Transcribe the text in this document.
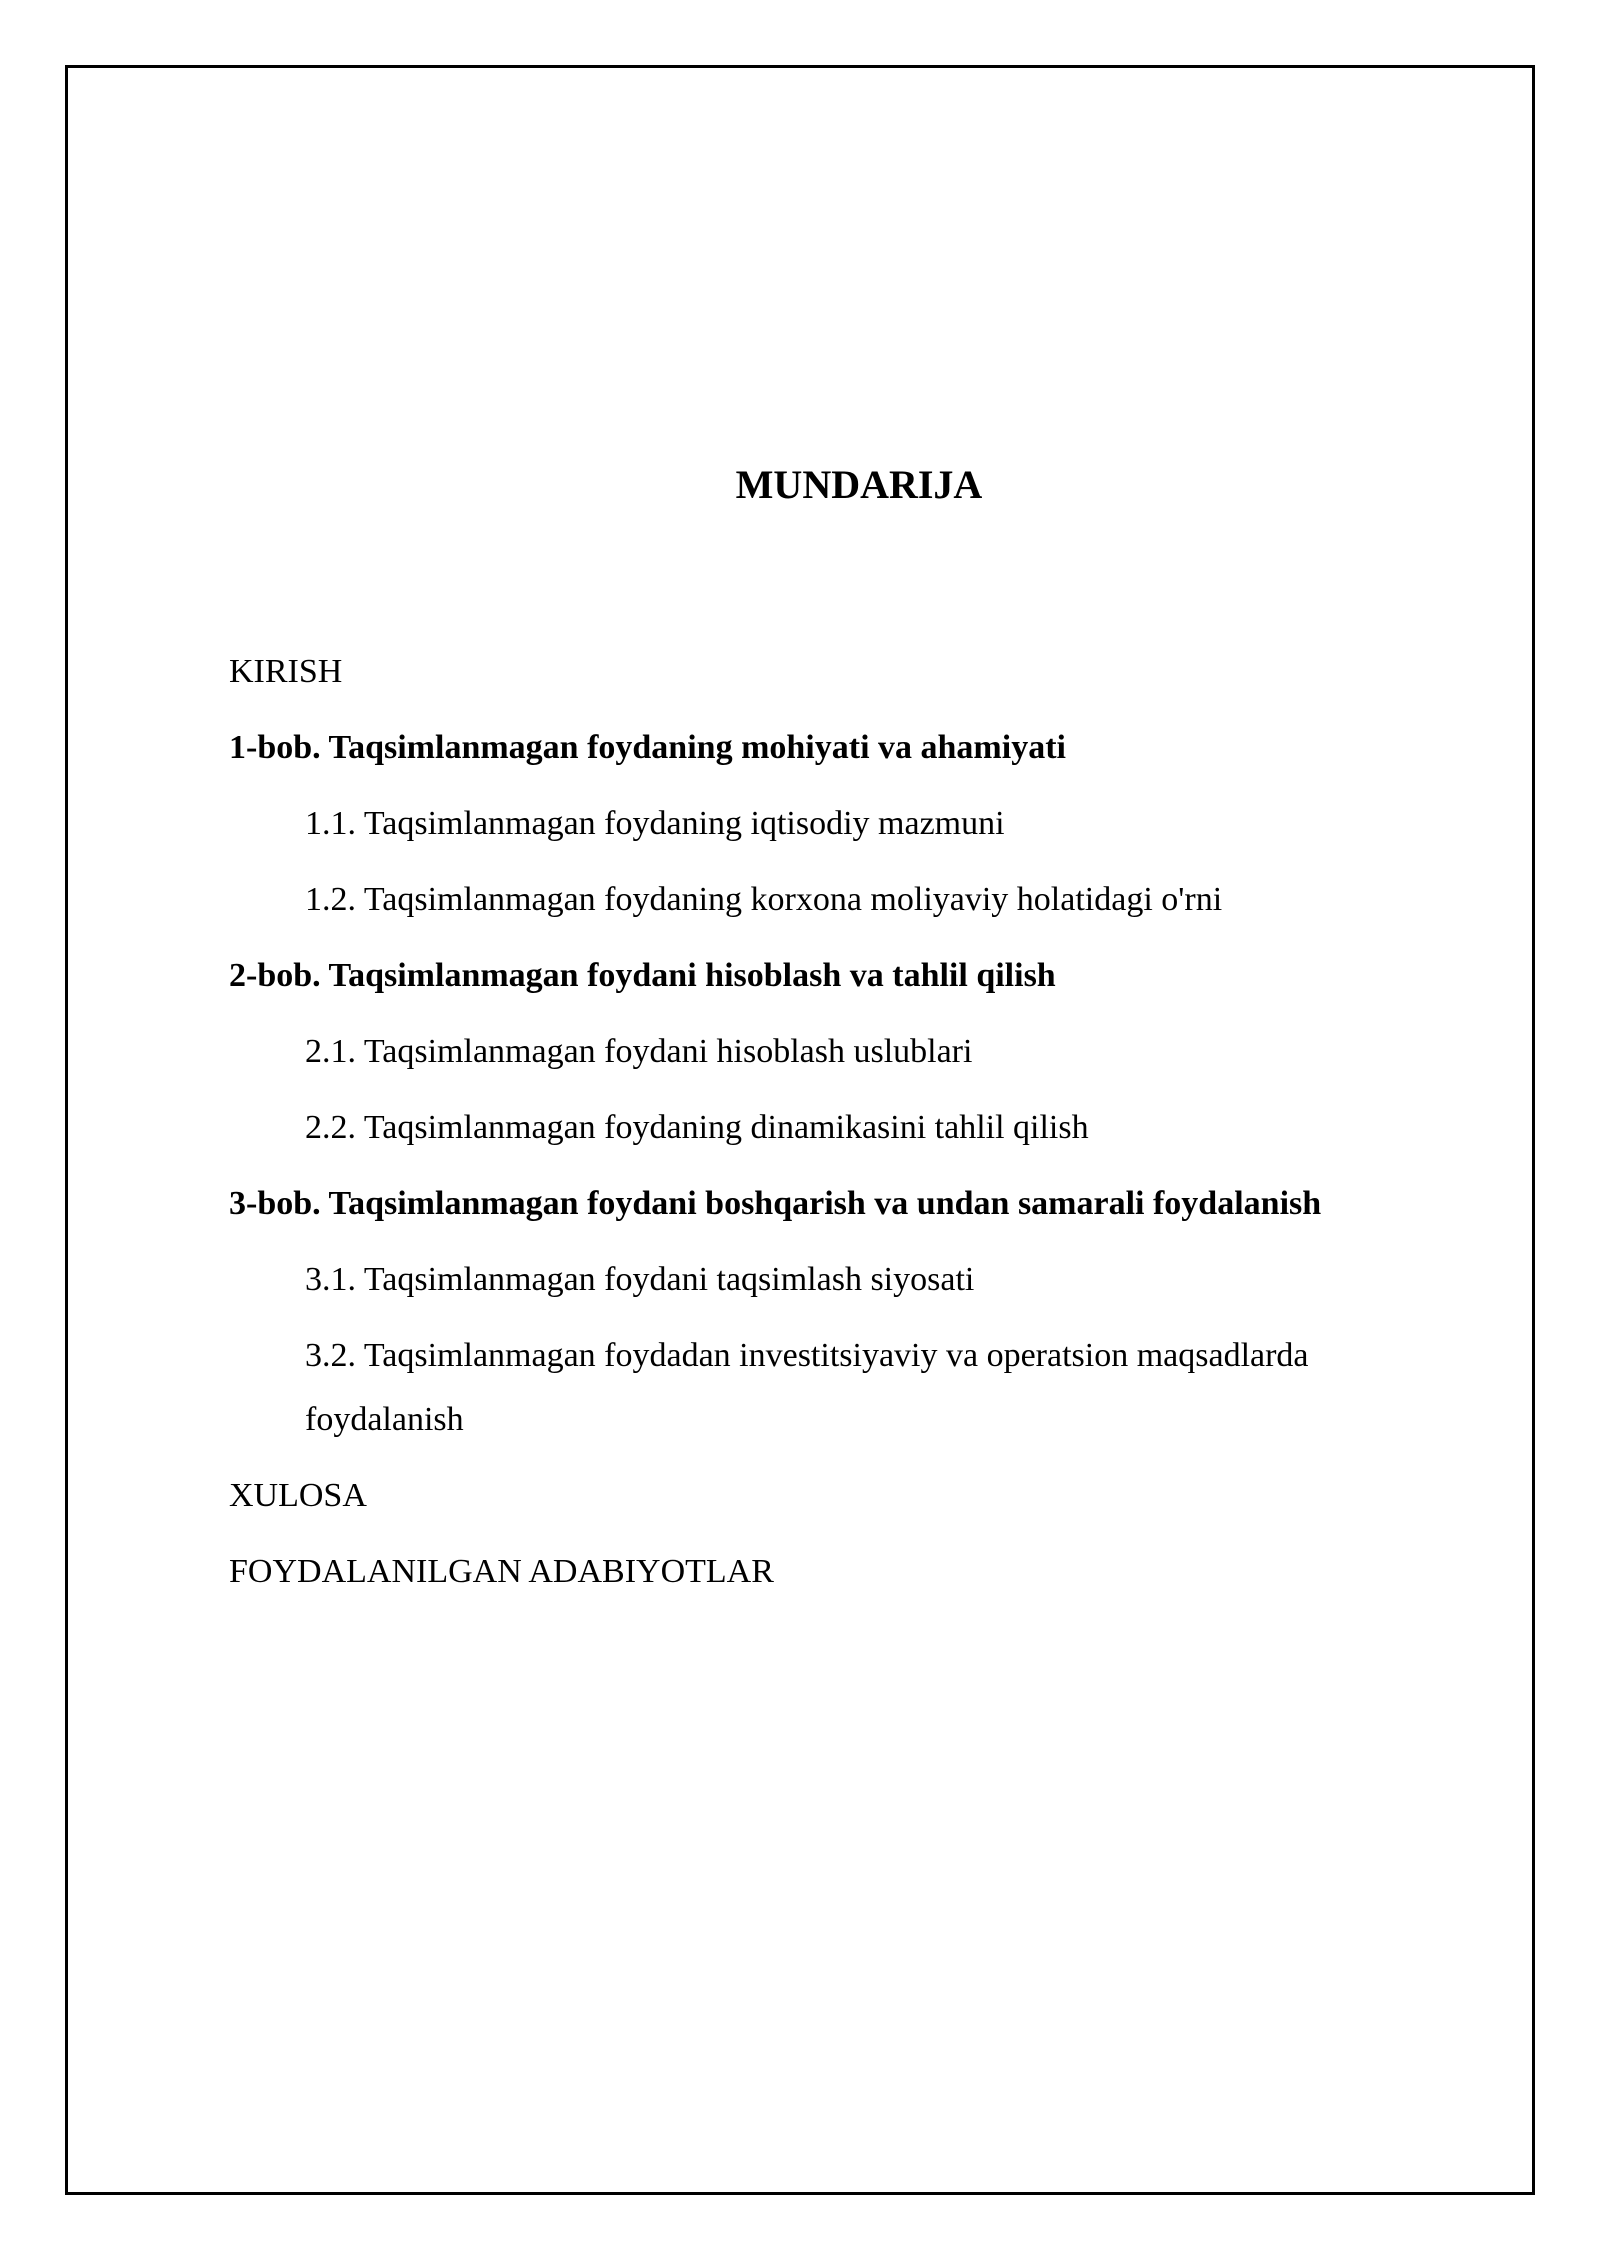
MUNDARIJA
KIRISH
1-bob. Taqsimlanmagan foydaning mohiyati va ahamiyati
1.1. Taqsimlanmagan foydaning iqtisodiy mazmuni
1.2. Taqsimlanmagan foydaning korxona moliyaviy holatidagi o'rni
2-bob. Taqsimlanmagan foydani hisoblash va tahlil qilish
2.1. Taqsimlanmagan foydani hisoblash uslublari
2.2. Taqsimlanmagan foydaning dinamikasini tahlil qilish
3-bob. Taqsimlanmagan foydani boshqarish va undan samarali foydalanish
3.1. Taqsimlanmagan foydani taqsimlash siyosati
3.2. Taqsimlanmagan foydadan investitsiyaviy va operatsion maqsadlarda foydalanish
XULOSA
FOYDALANILGAN ADABIYOTLAR
